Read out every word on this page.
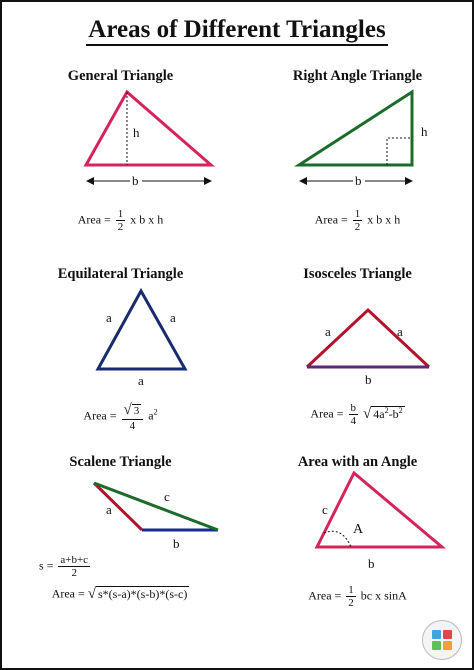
Areas of Different Triangles
General Triangle
h
b
Area = $\frac{1}{2}$ x b x h
Right Angle Triangle
h
b
Area = $\frac{1}{2}$ x b x h
Equilateral Triangle
a	a
a
Area = $\frac{√ 3}{4} a^2$
Isosceles Triangle
a	a
b
Area = $\frac{b}{4}$ √ $4a^2-b^2$
Scalene Triangle
a
b
c
$s = \frac{a+b+c}{2}$
Area = √ s*(s-a)*(s-b)*(s-c)
Area with an Angle
c
A
b
Area = $\frac{1}{2}$ bc x sinA
